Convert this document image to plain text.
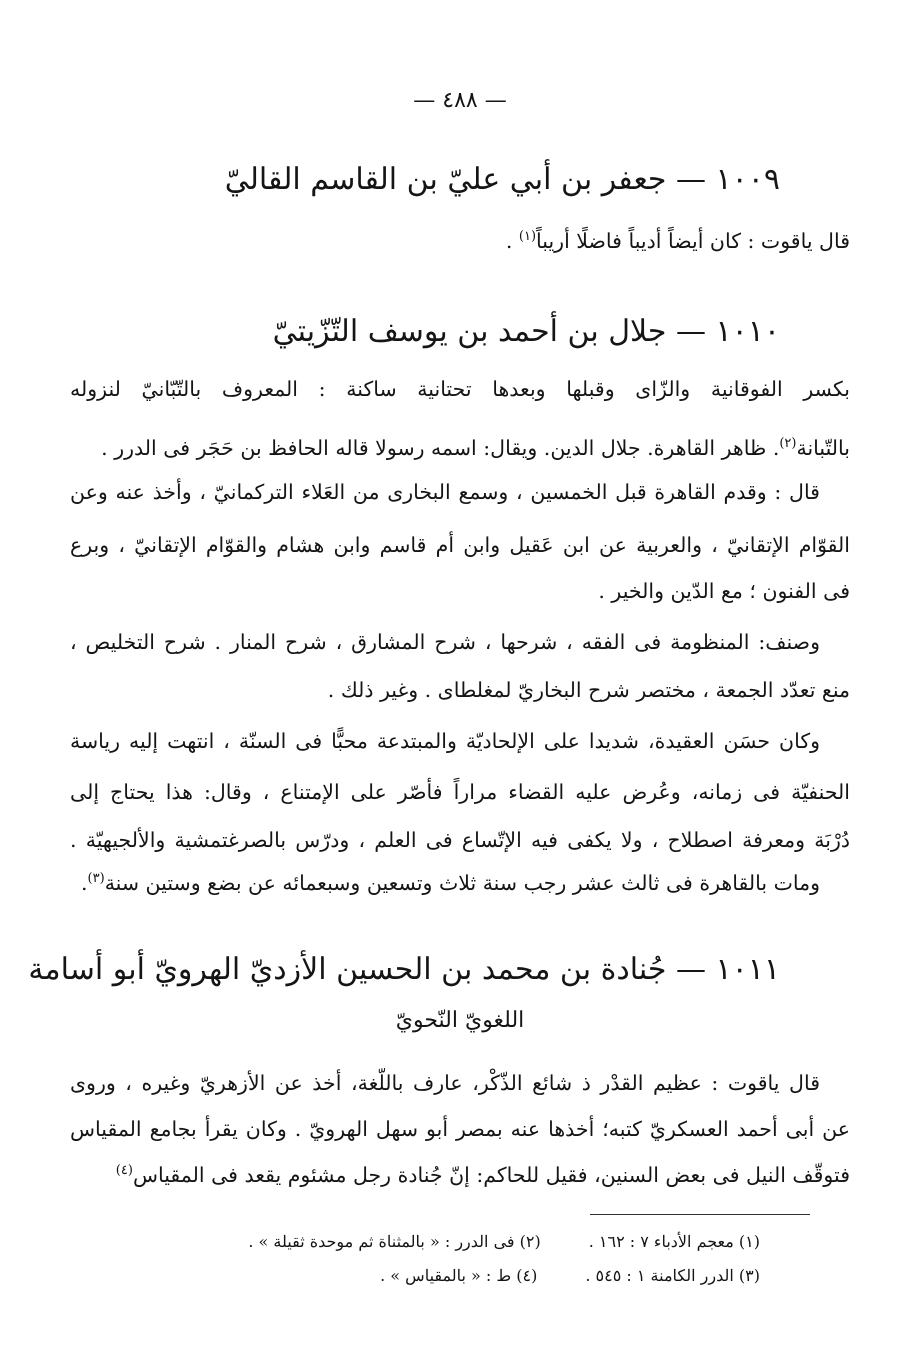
— ٤٨٨ —
١٠٠٩ — جعفر بن أبي عليّ بن القاسم القاليّ
قال ياقوت : كان أيضاً أديباً فاضلًا أريباً$^{(١)}$ .
١٠١٠ — جلال بن أحمد بن يوسف التّزّيتيّ
بكسر الفوقانية والزّاى وقبلها وبعدها تحتانية ساكنة : المعروف بالتّبّانيّ لنزوله
بالتّبانة$^{(٢)}$. ظاهر القاهرة. جلال الدين. ويقال: اسمه رسولا قاله الحافظ بن حَجَر فى الدرر .
قال : وقدم القاهرة قبل الخمسين ، وسمع البخارى من العَلاء التركمانيّ ، وأخذ عنه وعن
القوّام الإتقانيّ ، والعربية عن ابن عَقيل وابن أم قاسم وابن هشام والقوّام الإتقانيّ ، وبرع
فى الفنون ؛ مع الدّين والخير .
وصنف: المنظومة فى الفقه ، شرحها ، شرح المشارق ، شرح المنار . شرح التخليص ،
منع تعدّد الجمعة ، مختصر شرح البخاريّ لمغلطاى . وغير ذلك .
وكان حسَن العقيدة، شديدا على الإلحاديّة والمبتدعة محبًّا فى السنّة ، انتهت إليه رياسة
الحنفيّة فى زمانه، وعُرض عليه القضاء مراراً فأصّر على الإمتناع ، وقال: هذا يحتاج إلى
دُرْبَة ومعرفة اصطلاح ، ولا يكفى فيه الإتّساع فى العلم ، ودرّس بالصرغتمشية والألجيهيّة .
ومات بالقاهرة فى ثالث عشر رجب سنة ثلاث وتسعين وسبعمائه عن بضع وستين سنة$^{(٣)}$.
١٠١١ — جُنادة بن محمد بن الحسين الأزديّ الهرويّ أبو أسامة
اللغويّ النّحويّ
قال ياقوت : عظيم القدْر ذ شائع الذّكْر، عارف باللّغة، أخذ عن الأزهريّ وغيره ، وروى
عن أبى أحمد العسكريّ كتبه؛ أخذها عنه بمصر أبو سهل الهرويّ . وكان يقرأ بجامع المقياس
فتوقّف النيل فى بعض السنين، فقيل للحاكم: إنّ جُنادة رجل مشئوم يقعد فى المقياس$^{(٤)}$
(١) معجم الأدباء ٧ : ١٦٢ .(٢) فى الدرر : « بالمثناة ثم موحدة ثقيلة » .
(٣) الدرر الكامنة ١ : ٥٤٥ .(٤) ط : « بالمقياس » .
